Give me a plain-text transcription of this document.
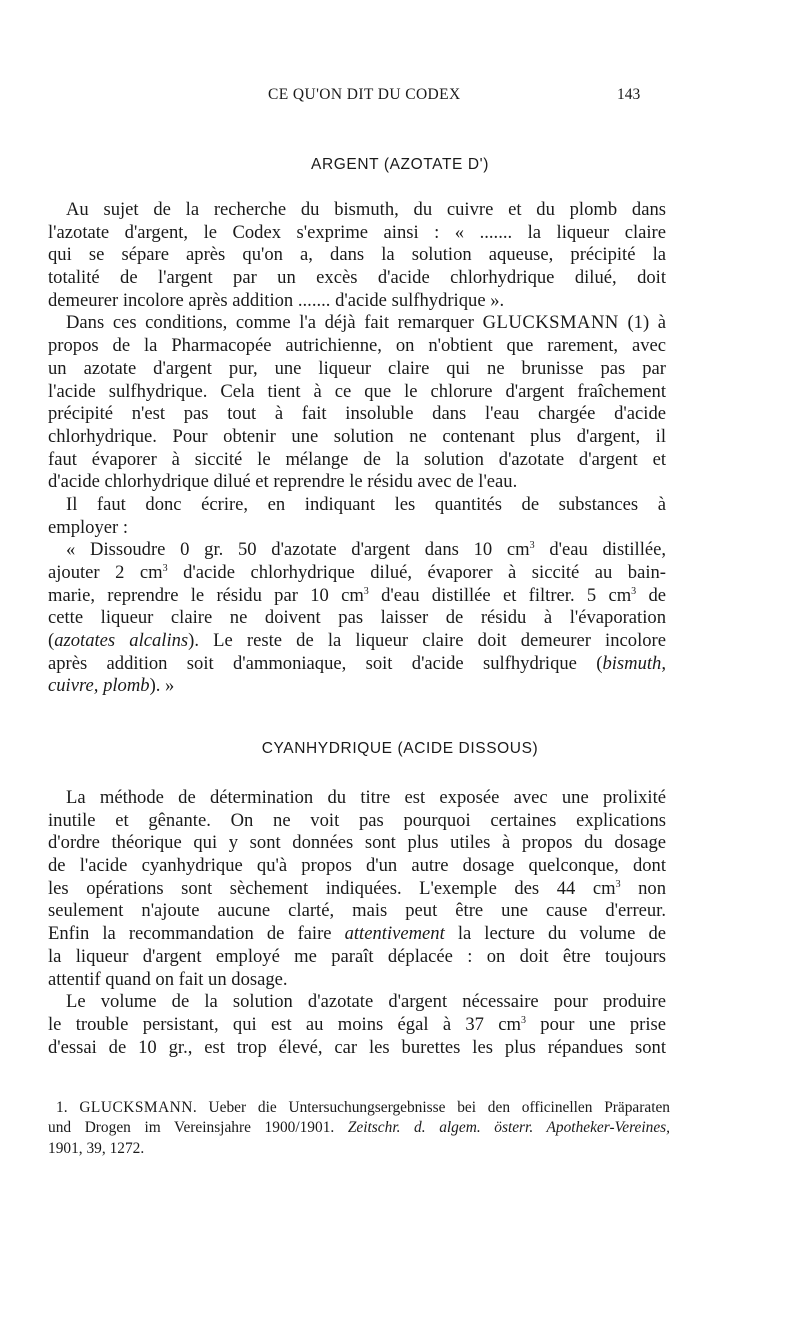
CE QU'ON DIT DU CODEX	143
ARGENT (AZOTATE D')
Au sujet de la recherche du bismuth, du cuivre et du plomb dans
l'azotate d'argent, le Codex s'exprime ainsi : « ....... la liqueur claire
qui se sépare après qu'on a, dans la solution aqueuse, précipité la
totalité de l'argent par un excès d'acide chlorhydrique dilué, doit
demeurer incolore après addition ....... d'acide sulfhydrique ».
Dans ces conditions, comme l'a déjà fait remarquer GLUCKSMANN (1) à
propos de la Pharmacopée autrichienne, on n'obtient que rarement, avec
un azotate d'argent pur, une liqueur claire qui ne brunisse pas par
l'acide sulfhydrique. Cela tient à ce que le chlorure d'argent fraîchement
précipité n'est pas tout à fait insoluble dans l'eau chargée d'acide
chlorhydrique. Pour obtenir une solution ne contenant plus d'argent, il
faut évaporer à siccité le mélange de la solution d'azotate d'argent et
d'acide chlorhydrique dilué et reprendre le résidu avec de l'eau.
Il faut donc écrire, en indiquant les quantités de substances à
employer :
« Dissoudre 0 gr. 50 d'azotate d'argent dans 10 $cm^3$ d'eau distillée,
ajouter 2 $cm^3$ d'acide chlorhydrique dilué, évaporer à siccité au bain-
marie, reprendre le résidu par 10 $cm^3$ d'eau distillée et filtrer. 5 $cm^3$ de
cette liqueur claire ne doivent pas laisser de résidu à l'évaporation
(azotates alcalins). Le reste de la liqueur claire doit demeurer incolore
après addition soit d'ammoniaque, soit d'acide sulfhydrique (bismuth,
cuivre, plomb). »
CYANHYDRIQUE (ACIDE DISSOUS)
La méthode de détermination du titre est exposée avec une prolixité
inutile et gênante. On ne voit pas pourquoi certaines explications
d'ordre théorique qui y sont données sont plus utiles à propos du dosage
de l'acide cyanhydrique qu'à propos d'un autre dosage quelconque, dont
les opérations sont sèchement indiquées. L'exemple des 44 $cm^3$ non
seulement n'ajoute aucune clarté, mais peut être une cause d'erreur.
Enfin la recommandation de faire attentivement la lecture du volume de
la liqueur d'argent employé me paraît déplacée : on doit être toujours
attentif quand on fait un dosage.
Le volume de la solution d'azotate d'argent nécessaire pour produire
le trouble persistant, qui est au moins égal à 37 $cm^3$ pour une prise
d'essai de 10 gr., est trop élevé, car les burettes les plus répandues sont
1. GLUCKSMANN. Ueber die Untersuchungsergebnisse bei den officinellen Präparaten
und Drogen im Vereinsjahre 1900/1901. Zeitschr. d. algem. österr. Apotheker-Vereines,
1901, 39, 1272.
